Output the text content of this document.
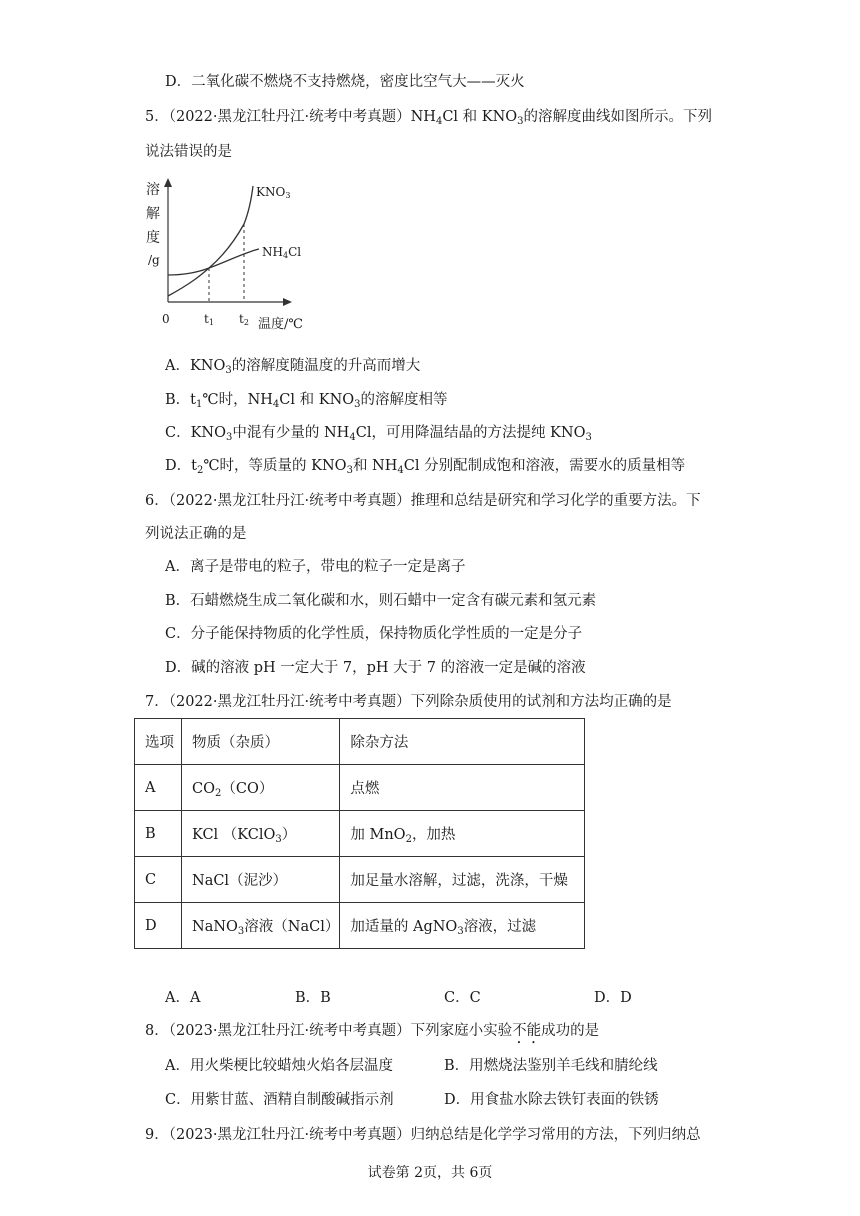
D．二氧化碳不燃烧不支持燃烧，密度比空气大——灭火
5．（2022·黑龙江牡丹江·统考中考真题）$NH_4Cl$ 和 $KNO_3$的溶解度曲线如图所示。下列
说法错误的是
溶
解
度
/g
0	t1 t2 温度/℃
KNO3
NH4Cl
A．$KNO_3$的溶解度随温度的升高而增大
B．$t_1℃$时，$NH_4Cl$ 和 $KNO_3$的溶解度相等
C．$KNO_3$中混有少量的 $NH_4Cl$，可用降温结晶的方法提纯 $KNO_3$
D．$t_2℃$时，等质量的 $KNO_3$和 $NH_4Cl$ 分别配制成饱和溶液，需要水的质量相等
6．（2022·黑龙江牡丹江·统考中考真题）推理和总结是研究和学习化学的重要方法。下
列说法正确的是
A．离子是带电的粒子，带电的粒子一定是离子
B．石蜡燃烧生成二氧化碳和水，则石蜡中一定含有碳元素和氢元素
C．分子能保持物质的化学性质，保持物质化学性质的一定是分子
D．碱的溶液 pH 一定大于 7，pH 大于 7 的溶液一定是碱的溶液
7．（2022·黑龙江牡丹江·统考中考真题）下列除杂质使用的试剂和方法均正确的是
选项	物质（杂质）	除杂方法
A	$CO_2(CO)$	点燃
B	KCl （KClO$_3$）	加 MnO$_2$，加热
C	NaCl（泥沙）	加足量水溶解，过滤，洗涤，干燥
D	NaNO$_3$溶液（NaCl）	加适量的 AgNO$_3$溶液，过滤
A．A	B．B	C．C	D．D
8．（2023·黑龙江牡丹江·统考中考真题）下列家庭小实验不能成功的是
A．用火柴梗比较蜡烛火焰各层温度	B．用燃烧法鉴别羊毛线和腈纶线
C．用紫甘蓝、酒精自制酸碱指示剂	D．用食盐水除去铁钉表面的铁锈
9．（2023·黑龙江牡丹江·统考中考真题）归纳总结是化学学习常用的方法，下列归纳总
试卷第 2页，共 6页
